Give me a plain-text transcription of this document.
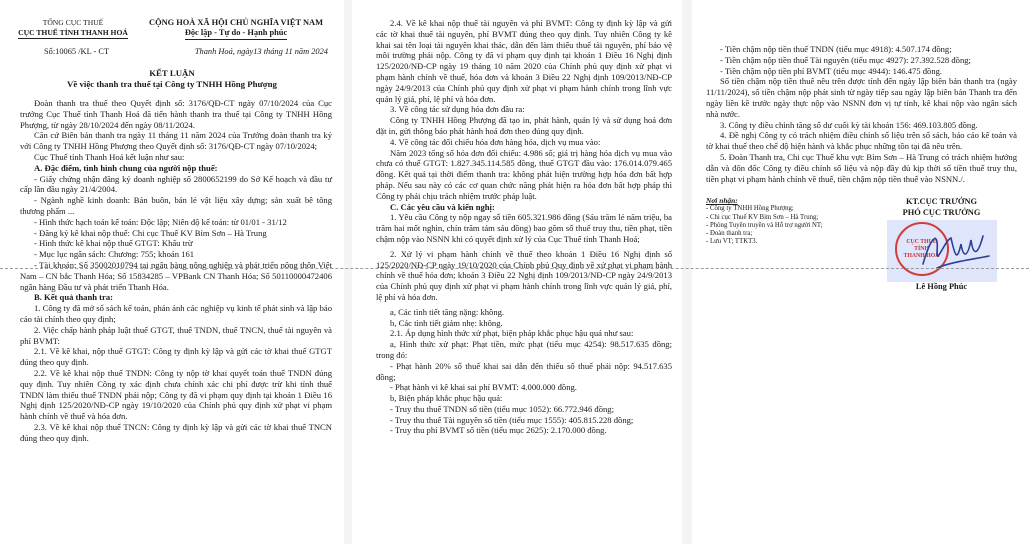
TỔNG CỤC THUẾ
CỤC THUẾ TỈNH THANH HOÁ
CỘNG HOÀ XÃ HỘI CHỦ NGHĨA VIỆT NAM
Độc lập - Tự do - Hạnh phúc
Số:10065 /KL - CT	Thanh Hoá, ngày13 tháng 11 năm 2024
KẾT LUẬN
Về việc thanh tra thuế tại Công ty TNHH Hồng Phượng

Đoàn thanh tra thuế theo Quyết định số: 3176/QĐ-CT ngày 07/10/2024 của Cục trưởng Cục Thuế tỉnh Thanh Hoá đã tiến hành thanh tra thuế tại Công ty TNHH Hồng Phượng, từ ngày 28/10/2024 đến ngày 08/11/2024.

Căn cứ Biên bản thanh tra ngày 11 tháng 11 năm 2024 của Trưởng đoàn thanh tra ký với Công ty TNHH Hồng Phượng theo Quyết định số: 3176/QĐ-CT ngày 07/10/2024;

Cục Thuế tỉnh Thanh Hoá kết luận như sau:

A. Đặc điểm, tình hình chung của người nộp thuế:

- Giấy chứng nhận đăng ký doanh nghiệp số 2800652199 do Sở Kế hoạch và đầu tư cấp lần đầu ngày 21/4/2004.

- Ngành nghề kinh doanh: Bán buôn, bán lẻ vật liệu xây dựng; sản xuất bê tông thương phẩm ...

- Hình thức hạch toán kế toán: Độc lập; Niên độ kế toán: từ 01/01 - 31/12

- Đăng ký kê khai nộp thuế: Chi cục Thuế KV Bỉm Sơn – Hà Trung

- Hình thức kê khai nộp thuế GTGT: Khấu trừ

- Mục lục ngân sách: Chương: 755; khoản 161

- Tài khoản: Số 35002010794 tại ngân hàng nông nghiệp và phát triển nông thôn Việt Nam – CN bắc Thanh Hóa; Số 15834285 – VPBank CN Thanh Hóa; Số 50110000472406 ngân hàng Đầu tư và phát triển Thanh Hóa.

B. Kết quả thanh tra:

1. Công ty đã mở sổ sách kế toán, phản ánh các nghiệp vụ kinh tế phát sinh và lập báo cáo tài chính theo quy định;

2. Việc chấp hành pháp luật thuế GTGT, thuế TNDN, thuế TNCN, thuế tài nguyên và phí BVMT:

2.1. Về kê khai, nộp thuế GTGT: Công ty định kỳ lập và gửi các tờ khai thuế GTGT đúng theo quy định.

2.2. Về kê khai nộp thuế TNDN: Công ty nộp tờ khai quyết toán thuế TNDN đúng quy định. Tuy nhiên Công ty xác định chưa chính xác chi phí được trừ khi tính thuế TNDN làm thiếu thuế TNDN phải nộp; Công ty đã vi phạm quy định tại khoản 1 Điều 16 Nghị định 125/2020/NĐ-CP ngày 19/10/2020 của Chính phủ quy định xử phạt vi phạm hành chính về thuế và hóa đơn.

2.3. Về kê khai nộp thuế TNCN: Công ty định kỳ lập và gửi các tờ khai thuế TNCN đúng theo quy định.

2.4. Về kê khai nộp thuế tài nguyên và phí BVMT: Công ty định kỳ lập và gửi các tờ khai thuế tài nguyên, phí BVMT đúng theo quy định. Tuy nhiên Công ty kê khai sai tên loại tài nguyên khai thác, dẫn đến làm thiếu thuế tài nguyên, phí bảo vệ môi trường phải nộp. Công ty đã vi phạm quy định tại khoản 1 Điều 16 Nghị định 125/2020/NĐ-CP ngày 19 tháng 10 năm 2020 của Chính phủ quy định xử phạt vi phạm hành chính về thuế, hóa đơn và khoản 3 Điều 22 Nghị định 109/2013/NĐ-CP ngày 24/9/2013 của Chính phủ quy định xử phạt vi phạm hành chính trong lĩnh vực quản lý giá, phí, lệ phí và hóa đơn.

3. Về công tác sử dụng hóa đơn đầu ra:

Công ty TNHH Hồng Phượng đã tạo in, phát hành, quản lý và sử dụng hoá đơn đặt in, gửi thông báo phát hành hoá đơn theo đúng quy định.

4. Về công tác đối chiếu hóa đơn hàng hóa, dịch vụ mua vào:

Năm 2023 tổng số hóa đơn đối chiếu: 4.986 số; giá trị hàng hóa dịch vụ mua vào chưa có thuế GTGT: 1.827.345.114.585 đồng, thuế GTGT đầu vào: 176.014.079.465 đồng. Kết quả tại thời điểm thanh tra: không phát hiện trường hợp hóa đơn bất hợp pháp. Nếu sau này có các cơ quan chức năng phát hiện ra hóa đơn bất hợp pháp thì Công ty phải chịu trách nhiệm trước pháp luật.

C. Các yêu cầu và kiến nghị:

1. Yêu cầu Công ty nộp ngay số tiền 605.321.986 đồng (Sáu trăm lẻ năm triệu, ba trăm hai mốt nghìn, chín trăm tám sáu đồng) bao gồm số thuế truy thu, tiền phạt, tiền chậm nộp vào NSNN khi có quyết định xử lý của Cục Thuế tỉnh Thanh Hoá;

2. Xử lý vi phạm hành chính về thuế theo khoản 1 Điều 16 Nghị định số 125/2020/NĐ-CP ngày 19/10/2020 của Chính phủ Quy định về xử phạt vi phạm hành chính về thuế hóa đơn; khoản 3 Điều 22 Nghị định 109/2013/NĐ-CP ngày 24/9/2013 của Chính phủ quy định xử phạt vi phạm hành chính trong lĩnh vực quản lý giá, phí, lệ phí và hóa đơn.

a, Các tình tiết tăng nặng: không.

b, Các tình tiết giảm nhẹ: không.

2.1. Áp dụng hình thức xử phạt, biện pháp khắc phục hậu quả như sau:

a, Hình thức xử phạt: Phạt tiền, mức phạt (tiểu mục 4254): 98.517.635 đồng; trong đó:

- Phạt hành 20% số thuế khai sai dẫn đến thiếu số thuế phải nộp: 94.517.635 đồng;

- Phạt hành vi kê khai sai phí BVMT: 4.000.000 đồng.

b, Biện pháp khắc phục hậu quả:

- Truy thu thuế TNDN số tiền (tiểu mục 1052): 66.772.946 đồng;

- Truy thu thuế Tài nguyên số tiền (tiểu mục 1555): 405.815.228 đồng;

- Truy thu phí BVMT số tiền (tiểu mục 2625): 2.170.000 đồng.

- Tiền chậm nộp tiền thuế TNDN (tiểu mục 4918): 4.507.174 đồng;

- Tiền chậm nộp tiền thuế Tài nguyên (tiểu mục 4927): 27.392.528 đồng;

- Tiền chậm nộp tiền phí BVMT (tiểu mục 4944): 146.475 đồng.

Số tiền chậm nộp tiền thuế nêu trên được tính đến ngày lập biên bản thanh tra (ngày 11/11/2024), số tiền chậm nộp phát sinh từ ngày tiếp sau ngày lập biên bản Thanh tra đến ngày liền kề trước ngày thực nộp vào NSNN đơn vị tự tính, kê khai nộp vào ngân sách nhà nước.

3. Công ty điều chỉnh tăng số dư cuối kỳ tài khoản 156: 469.103.805 đồng.

4. Đề nghị Công ty có trách nhiệm điều chỉnh số liệu trên sổ sách, báo cáo kế toán và tờ khai thuế theo chế độ hiện hành và khắc phục những tồn tại đã nêu trên.

5. Đoàn Thanh tra, Chi cục Thuế khu vực Bỉm Sơn – Hà Trung có trách nhiệm hướng dẫn và đôn đốc Công ty điều chỉnh số liệu và nộp đầy đủ kịp thời số tiền thuế truy thu, tiền phạt vi phạm hành chính về thuế, tiền chậm nộp tiền thuế vào NSNN./.

Nơi nhận:
- Công ty TNHH Hồng Phượng;
- Chi cục Thuế KV Bỉm Sơn – Hà Trung;
- Phòng Tuyên truyền và Hỗ trợ người NT;
- Đoàn thanh tra;
- Lưu VT; TTKT3.
KT.CỤC TRƯỞNG
PHÓ CỤC TRƯỞNG
CỤC THUẾ
TỈNH
THANH HOÁ
Lê Hồng Phúc
